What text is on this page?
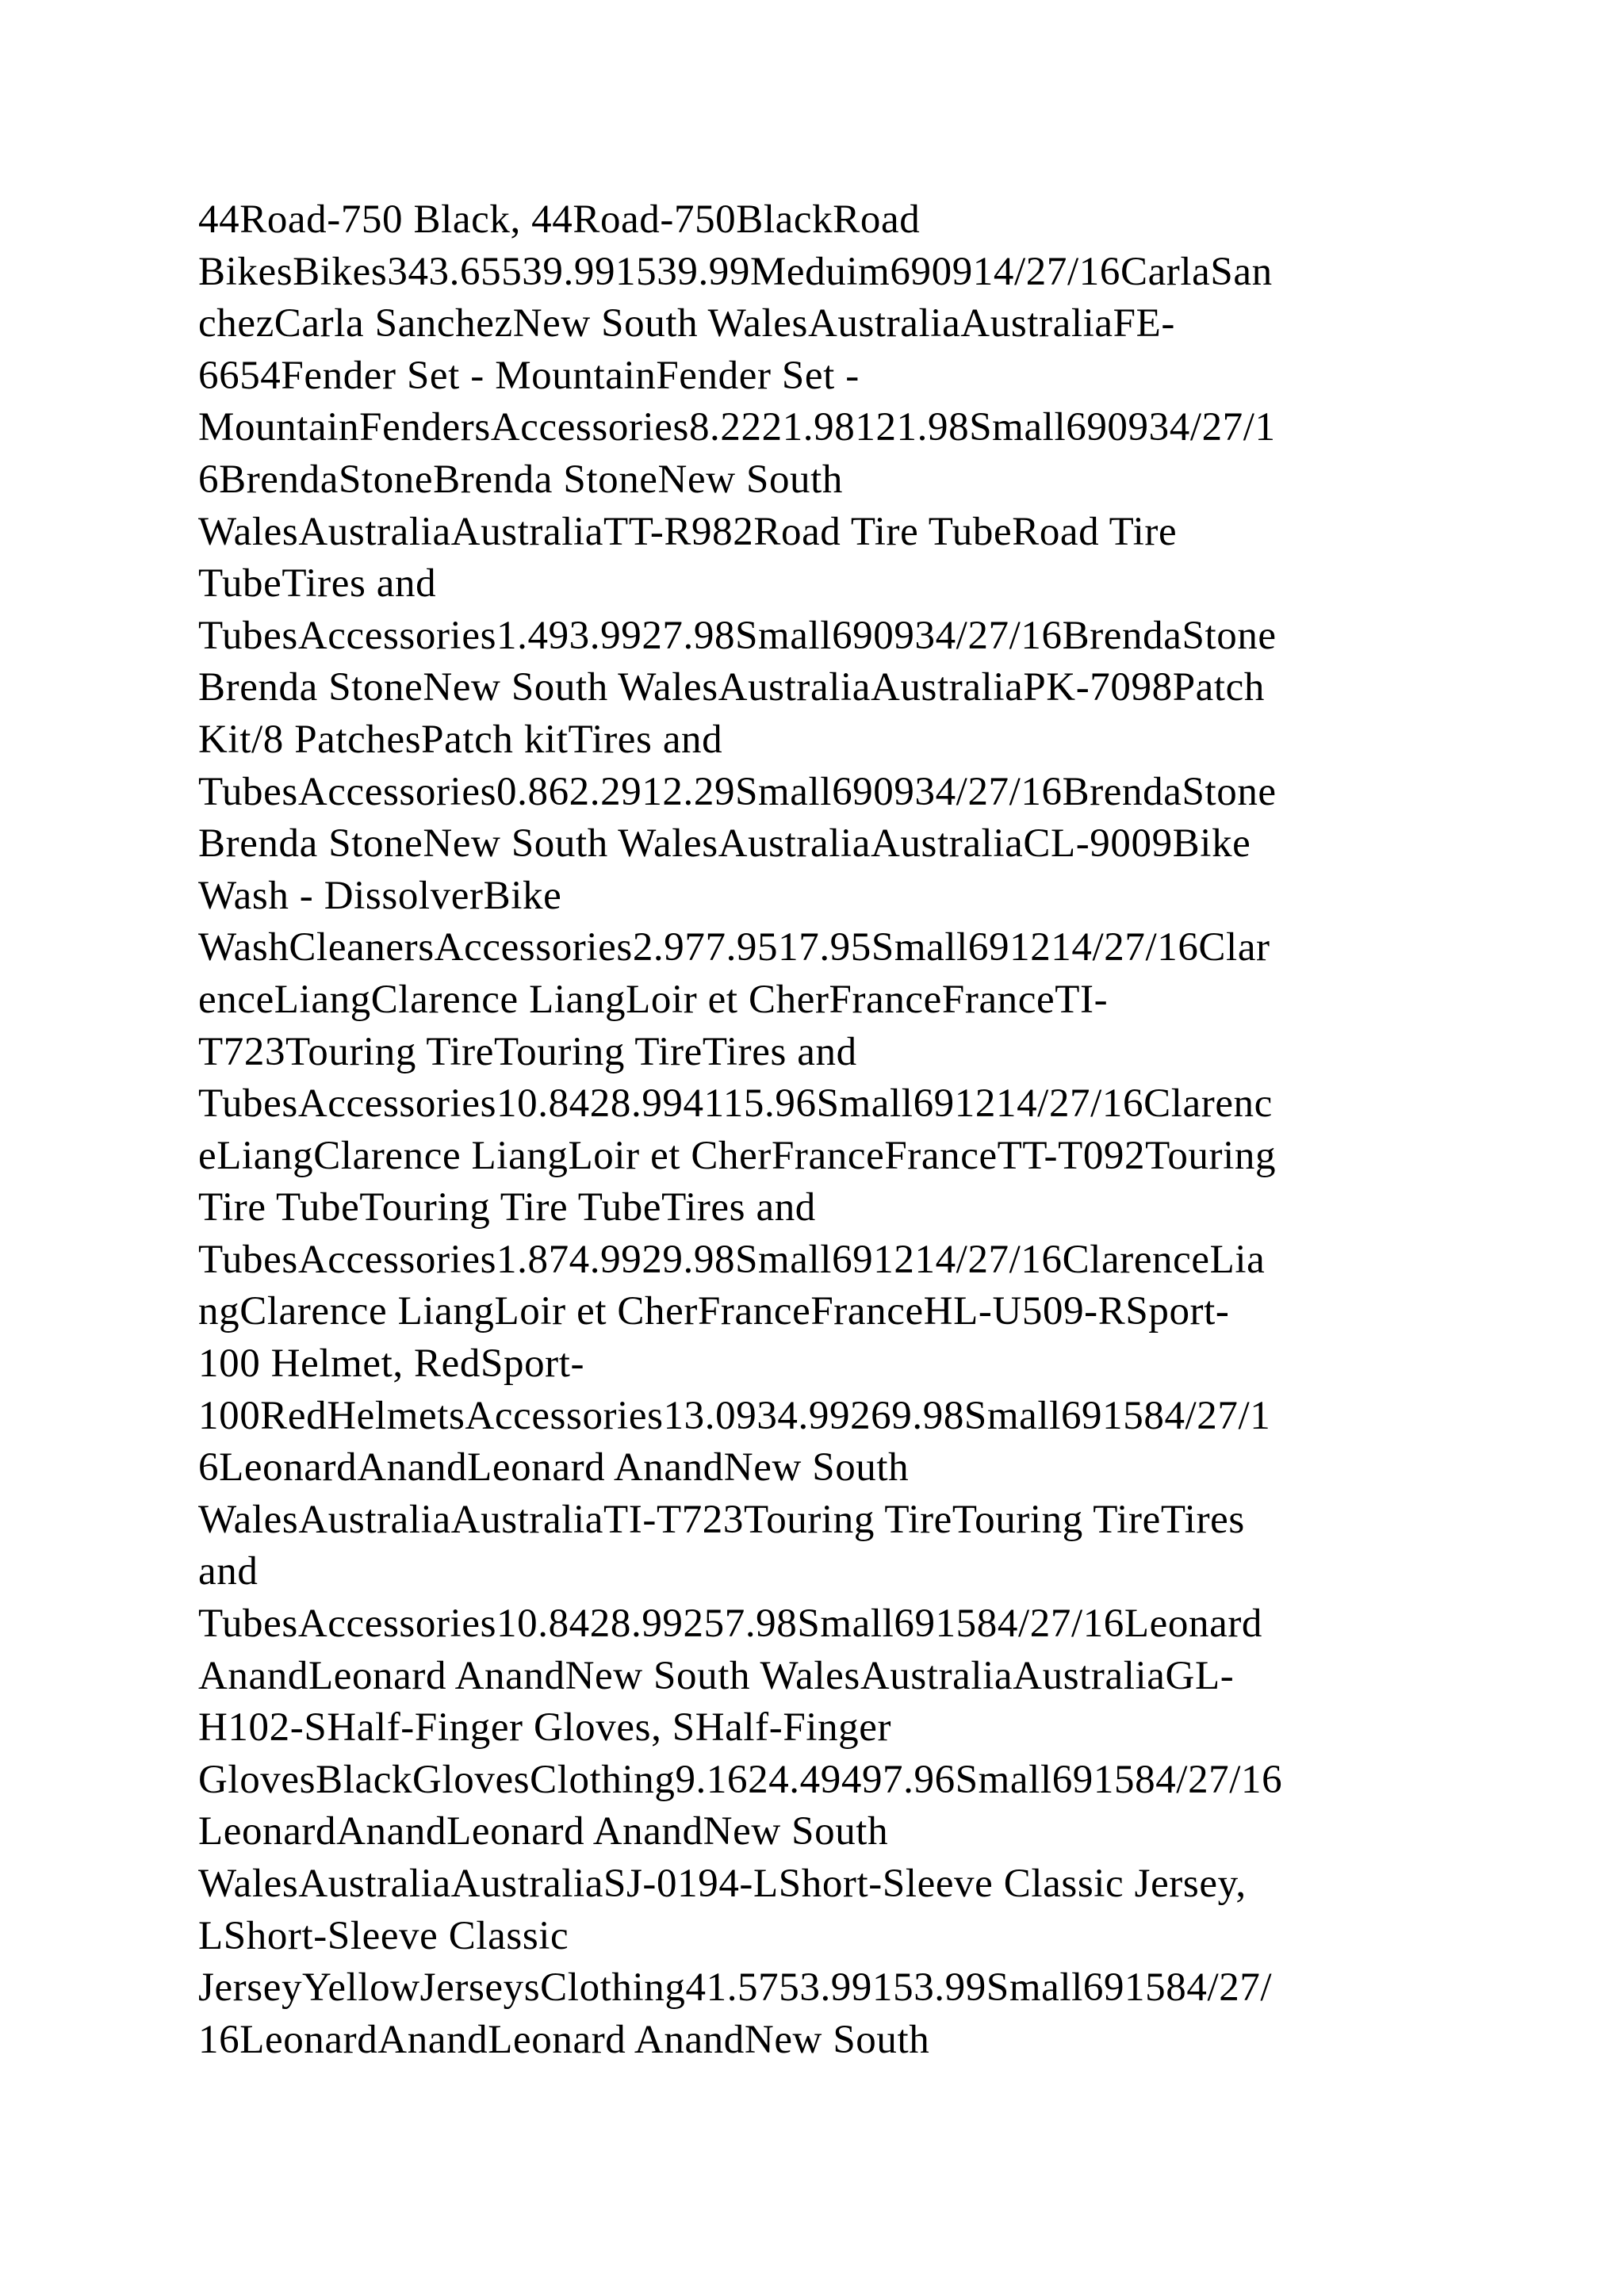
44Road-750 Black, 44Road-750BlackRoad
BikesBikes343.65539.991539.99Meduim690914/27/16CarlaSan
chezCarla SanchezNew South WalesAustraliaAustraliaFE-
6654Fender Set - MountainFender Set -
MountainFendersAccessories8.2221.98121.98Small690934/27/1
6BrendaStoneBrenda StoneNew South
WalesAustraliaAustraliaTT-R982Road Tire TubeRoad Tire
TubeTires and
TubesAccessories1.493.9927.98Small690934/27/16BrendaStone
Brenda StoneNew South WalesAustraliaAustraliaPK-7098Patch
Kit/8 PatchesPatch kitTires and
TubesAccessories0.862.2912.29Small690934/27/16BrendaStone
Brenda StoneNew South WalesAustraliaAustraliaCL-9009Bike
Wash - DissolverBike
WashCleanersAccessories2.977.9517.95Small691214/27/16Clar
enceLiangClarence LiangLoir et CherFranceFranceTI-
T723Touring TireTouring TireTires and
TubesAccessories10.8428.994115.96Small691214/27/16Clarenc
eLiangClarence LiangLoir et CherFranceFranceTT-T092Touring
Tire TubeTouring Tire TubeTires and
TubesAccessories1.874.9929.98Small691214/27/16ClarenceLia
ngClarence LiangLoir et CherFranceFranceHL-U509-RSport-
100 Helmet, RedSport-
100RedHelmetsAccessories13.0934.99269.98Small691584/27/1
6LeonardAnandLeonard AnandNew South
WalesAustraliaAustraliaTI-T723Touring TireTouring TireTires
and
TubesAccessories10.8428.99257.98Small691584/27/16Leonard
AnandLeonard AnandNew South WalesAustraliaAustraliaGL-
H102-SHalf-Finger Gloves, SHalf-Finger
GlovesBlackGlovesClothing9.1624.49497.96Small691584/27/16
LeonardAnandLeonard AnandNew South
WalesAustraliaAustraliaSJ-0194-LShort-Sleeve Classic Jersey,
LShort-Sleeve Classic
JerseyYellowJerseysClothing41.5753.99153.99Small691584/27/
16LeonardAnandLeonard AnandNew South
